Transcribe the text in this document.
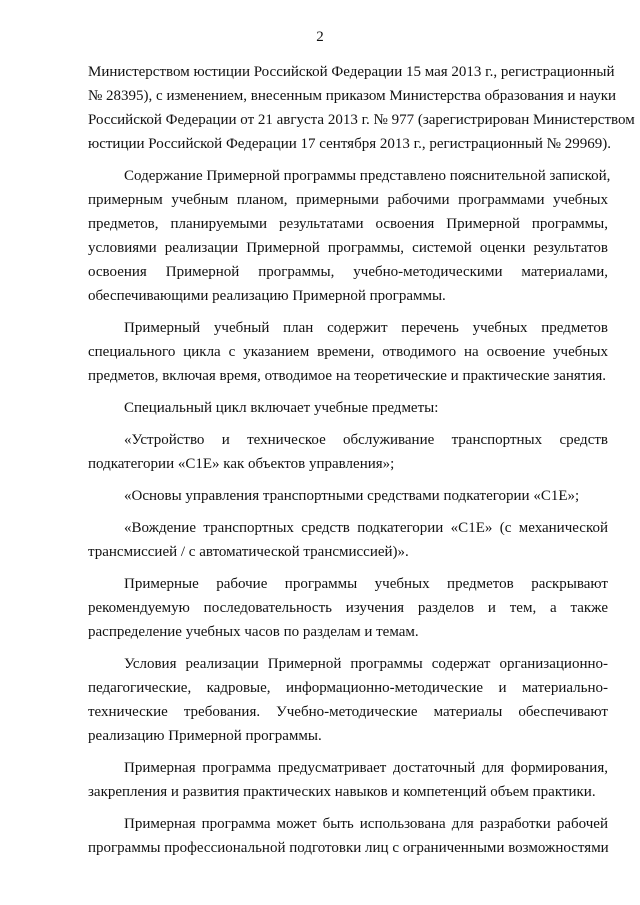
2

Министерством юстиции Российской Федерации 15 мая 2013 г., регистрационный
№ 28395), с изменением, внесенным приказом Министерства образования и науки
Российской Федерации от 21 августа 2013 г. № 977 (зарегистрирован Министерством
юстиции Российской Федерации 17 сентября 2013 г., регистрационный № 29969).

Содержание Примерной программы представлено пояснительной запиской,
примерным учебным планом, примерными рабочими программами учебных
предметов, планируемыми результатами освоения Примерной программы,
условиями реализации Примерной программы, системой оценки результатов
освоения Примерной программы, учебно-методическими материалами,
обеспечивающими реализацию Примерной программы.

Примерный учебный план содержит перечень учебных предметов
специального цикла с указанием времени, отводимого на освоение учебных
предметов, включая время, отводимое на теоретические и практические занятия.

Специальный цикл включает учебные предметы:

«Устройство и техническое обслуживание транспортных средств
подкатегории «C1E» как объектов управления»;

«Основы управления транспортными средствами подкатегории «C1E»;

«Вождение транспортных средств подкатегории «C1E» (с механической
трансмиссией / с автоматической трансмиссией)».

Примерные рабочие программы учебных предметов раскрывают
рекомендуемую последовательность изучения разделов и тем, а также
распределение учебных часов по разделам и темам.

Условия реализации Примерной программы содержат организационно-
педагогические, кадровые, информационно-методические и материально-
технические требования. Учебно-методические материалы обеспечивают
реализацию Примерной программы.

Примерная программа предусматривает достаточный для формирования,
закрепления и развития практических навыков и компетенций объем практики.

Примерная программа может быть использована для разработки рабочей
программы профессиональной подготовки лиц с ограниченными возможностями
